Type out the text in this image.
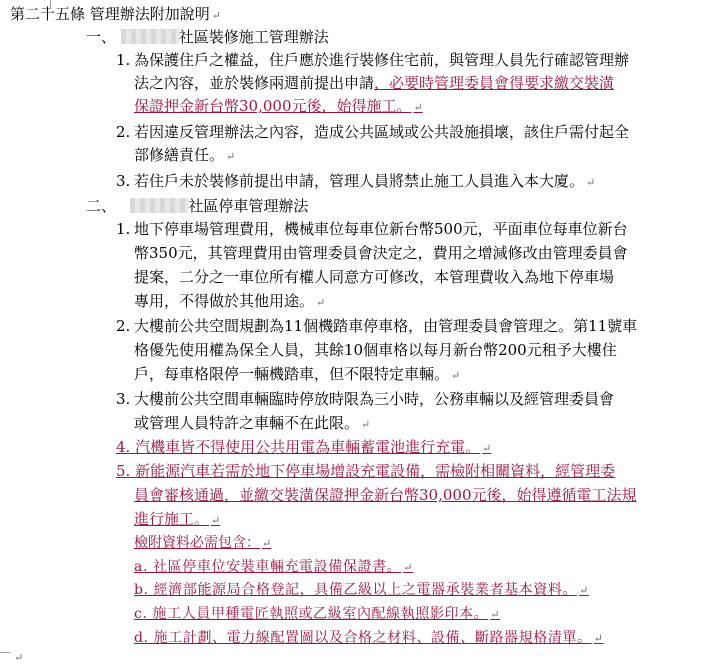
第二十五條 管理辦法附加說明 ↵
一、	社區裝修施工管理辦法
1. 為保護住戶之權益，住戶應於進行裝修住宅前，與管理人員先行確認管理辦
法之內容，並於裝修兩週前提出申請，必要時管理委員會得要求繳交裝潢
保證押金新台幣30,000元後，始得施工。 ↵
2. 若因違反管理辦法之內容，造成公共區域或公共設施損壞，該住戶需付起全
部修繕責任。 ↵
3. 若住戶未於裝修前提出申請，管理人員將禁止施工人員進入本大廈。 ↵
二、	社區停車管理辦法
1. 地下停車場管理費用，機械車位每車位新台幣500元，平面車位每車位新台
幣350元，其管理費用由管理委員會決定之，費用之增減修改由管理委員會
提案，二分之一車位所有權人同意方可修改，本管理費收入為地下停車場
專用，不得做於其他用途。 ↵
2. 大樓前公共空間規劃為11個機踏車停車格，由管理委員會管理之。第11號車
格優先使用權為保全人員，其餘10個車格以每月新台幣200元租予大樓住
戶，每車格限停一輛機踏車，但不限特定車輛。 ↵
3. 大樓前公共空間車輛臨時停放時限為三小時，公務車輛以及經管理委員會
或管理人員特許之車輛不在此限。 ↵
4. 汽機車皆不得使用公共用電為車輛蓄電池進行充電。 ↵
5. 新能源汽車若需於地下停車場增設充電設備，需檢附相關資料，經管理委
員會審核通過，並繳交裝潢保證押金新台幣30,000元後，始得遵循電工法規
進行施工。 ↵
檢附資料必需包含： ↵
a. 社區停車位安裝車輛充電設備保證書。 ↵
b. 經濟部能源局合格登記，具備乙級以上之電器承裝業者基本資料。 ↵
c. 施工人員甲種電匠執照或乙級室內配線執照影印本。 ↵
d. 施工計劃、電力線配置圖以及合格之材料、設備、斷路器規格清單。 ↵
↵
